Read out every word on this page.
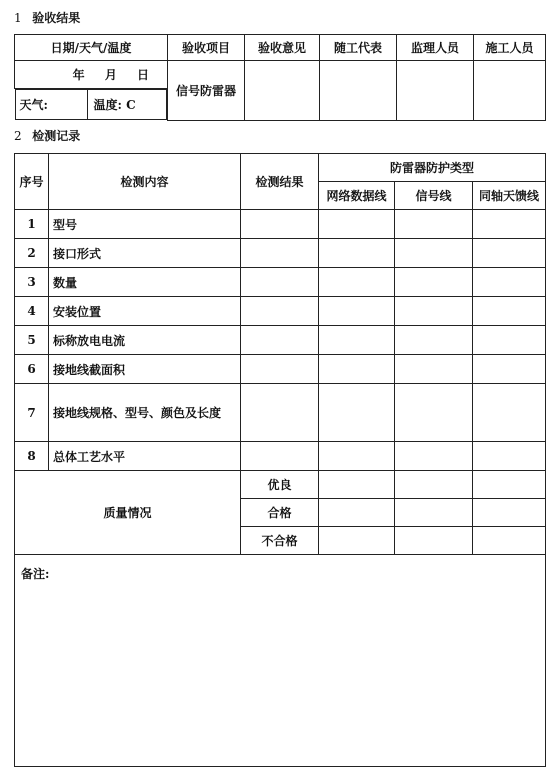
1 验收结果
日期/天气/温度	验收项目	验收意见	随工代表	监理人员	施工人员
年 月 日	信号防雷器				

天气:	温度: C
2 检测记录
序号	检测内容	检测结果	防雷器防护类型		
			网络数据线	信号线	同轴天馈线
1	型号				
2	接口形式				
3	数量				
4	安装位置				
5	标称放电电流				
6	接地线截面积				
7	接地线规格、型号、颜色及长度				
8	总体工艺水平				
质量情况		优良			
		合格			
		不合格			
备注:					
